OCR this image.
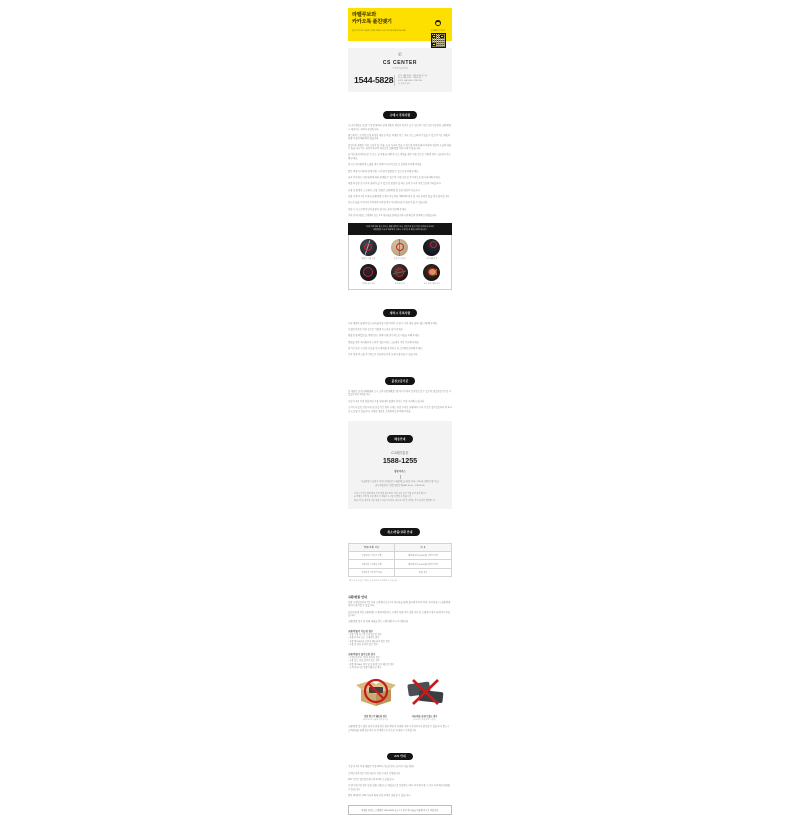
라벨루보와
카카오톡 플친맺기
플친 추가하고 쿠폰과 다양한 혜택 소식을 가장 빠르게 받아보세요	@ 라벨루보 친구추가
✆
CS CENTER
고객센터운영안내
1544-5828	평 일 : AM 10:00 ~ PM 05:00 (월~금)
점 심 : AM 12:00 ~ PM 01:00
토요일 : AM 10:00 ~ PM 01:00
일, 공휴일 휴무
구매시 주의사항

모니터 해상도 및 밝기 설정에 따라 실제 상품의 색상과 차이가 날 수 있으며, 이로 인한 단순변심 교환/반품 시 배송비는 구매자 부담입니다.

핸드메이드 수작업 공정 특성상 재봉선 마감, 미세한 본드 자국, 잔스크래치가 있을 수 있으며 이는 제품의 불량 사유에 해당되지 않습니다.

천연가죽 제품은 가죽 고유의 결, 주름, 모공 자국이 있을 수 있으며 부위에 따라 색상과 질감이 조금씩 다를 수 있습니다. 이는 천연가죽만의 특성으로 교환/반품 사유가 되지 않습니다.

습기와 물에 약하므로 비 오는 날 착용을 피해 주시고, 젖었을 경우 마른 천으로 가볍게 닦아 그늘에서 건조해 주세요.

장시간 직사광선에 노출될 경우 변색의 우려가 있으니 보관에 주의해 주세요.

밝은 색상의 의류와 함께 착용 시 이염이 발생할 수 있으니 주의해 주세요.

금속 부자재는 사용 환경에 따라 변색될 수 있으며, 마른 천으로 주기적으로 닦아 관리해 주세요.

제품 특성상 초기 가죽 냄새가 날 수 있으며, 통풍이 잘 되는 곳에 두시면 자연스럽게 사라집니다.

사용 중 발생한 스크래치, 오염, 변형은 교환/반품 및 보상 대상이 아닙니다.

상품 수령 후 7일 이내에 교환/반품 신청이 가능하며, 택(TAG) 제거 및 사용 흔적이 있을 경우 불가합니다.

과도한 힘을 가하거나 무리하게 사용할 경우 부자재 파손의 원인이 될 수 있습니다.

보관 시 더스트백에 넣어 통풍이 잘 되는 곳에 보관해 주세요.

기타 문의사항은 고객센터 또는 1:1 게시판을 통해 남겨주시면 빠르게 안내해 드리겠습니다.

아래 이미지와 같은 경우는 제품 불량이 아닌 천연가죽 및 수작업 공정의 특성으로
교환/반품 사유에 해당되지 않으니 구매 전 꼭 확인 부탁드립니다.
재봉선 / 실밥 마감	원단 결 / 잔주름	가죽 표면의 결
미세한 본드 자국	부자재 잔기스	로고 각인 / 엠보 자국
세탁시 주의사항

가죽 제품은 물세탁 및 드라이클리닝이 불가하며, 오염 시 가죽 전용 클리너를 사용해 주세요.

오염된 부분은 마른 천으로 가볍게 두드리듯 닦아 주세요.

휘발성 용제(알코올, 벤젠 등)는 변색의 원인이 되므로 사용을 피해 주세요.

젖었을 경우 직사광선과 드라이기를 피하고 그늘에서 자연 건조해 주세요.

장기간 보관 시 신문지 등을 넣어 형태를 유지하고 더스트백에 보관해 주세요.

가죽 전용 왁스를 주기적으로 사용하면 더욱 오래 사용하실 수 있습니다.

품질보증기준

본 제품은 공정거래위원회 고시 소비자분쟁해결기준에 의거하여 보상받으실 수 있으며, 품질보증기간은 구입일로부터 1년입니다.

구입 후 1년 이내 정상적인 사용 상태에서 발생한 하자는 무상 수리해 드립니다.

소비자 과실로 인한 하자 및 보증기간 경과 시에는 유상 수리로 진행되며, 수리 기간은 접수일로부터 약 2~3주 소요될 수 있습니다. 자세한 내용은 고객센터로 문의해 주세요.

배송안내
CJ대한통운
1588-1255
방문서비스
서울특별시 금천구 가산디지털1로 5 대륭테크노타운 20차, 1204호 (방문수령 가능)
(주) 라벨루보 / 평일 방문수령 AM 10:00 ~ PM 05:00
오후 2시 이전 결제 완료 건은 당일 출고되며, 이후 주문 건은 익일 순차 출고됩니다.
※ 택배사 사정 및 주문 폭주 시 배송이 1~2일 지연될 수 있습니다.
배송기간은 출고일 기준 평균 2~3일 소요되며, 제주/도서산간 지역은 추가 운임이 발생합니다.
취소/반품/교환 안내
반품/교환 사유	비 용
단순변심 / 사이즈 교환	왕복배송비 (6,000원) 구매자 부담
상품하자 / 오배송 교환	왕복배송비 (6,000원) 판매자 부담
사용흔적 / 택 제거 상품	반품 불가
* 제주 및 도서산간 지역은 추가 배송비가 발생할 수 있습니다.
교환/반품 안내

상품 수령일로부터 7일 이내 고객센터 또는 1:1 게시판을 통해 접수해 주셔야 하며, 임의 반송 시 교환/반품 처리가 불가할 수 있습니다.

단순변심에 의한 교환/반품 시 왕복 배송비는 구매자 부담이며, 상품 하자 및 오배송의 경우 판매자가 부담합니다.

교환/반품 접수 전 아래 내용을 반드시 확인해 주시기 바랍니다.

교환/반품이 가능한 경우
- 상품 수령 후 7일 이내 접수된 경우
- 상품의 하자 또는 오배송의 경우
- 상품 택(TAG)과 포장이 훼손되지 않은 경우
- 사용 및 착용 흔적이 없는 경우
교환/반품이 불가능한 경우
- 수령일로부터 7일이 경과한 경우
- 사용 또는 착용 흔적이 있는 경우
- 상품 택(TAG) 제거 및 포장(박스)이 훼손된 경우
- 고객 부주의로 상품이 훼손된 경우
상품 박스가 훼손된 경우
(보호 박스도 상품의 일부입니다)
사용/착용 흔적이 있는 경우
(스크래치, 오염 발생 시 불가)

교환/반품 접수 없이 임의로 반송하신 경우 확인이 어려워 처리가 지연되거나 불가할 수 있습니다. 반드시 고객센터를 통해 접수하신 후 안내받으신 주소로 보내주시기 바랍니다.

A/S 안내

구입 후 1년 이내 제품은 무상 A/S가 가능합니다. (소비자 과실 제외)

고객님 부주의로 인한 파손은 유상 수리로 진행됩니다.

A/S 기간은 접수일로부터 약 2~3주 소요됩니다.

수선이 불가한 경우 동일 상품 교환 또는 적립금으로 보상해 드리며, 부자재 단종 시 유사 부자재로 대체될 수 있습니다.

왕복 택배비는 A/S 사유에 따라 부담 주체가 달라질 수 있습니다.

자세한 문의는 고객센터 1544-5828 또는 1:1 문의 게시판을 이용해 주시기 바랍니다.
